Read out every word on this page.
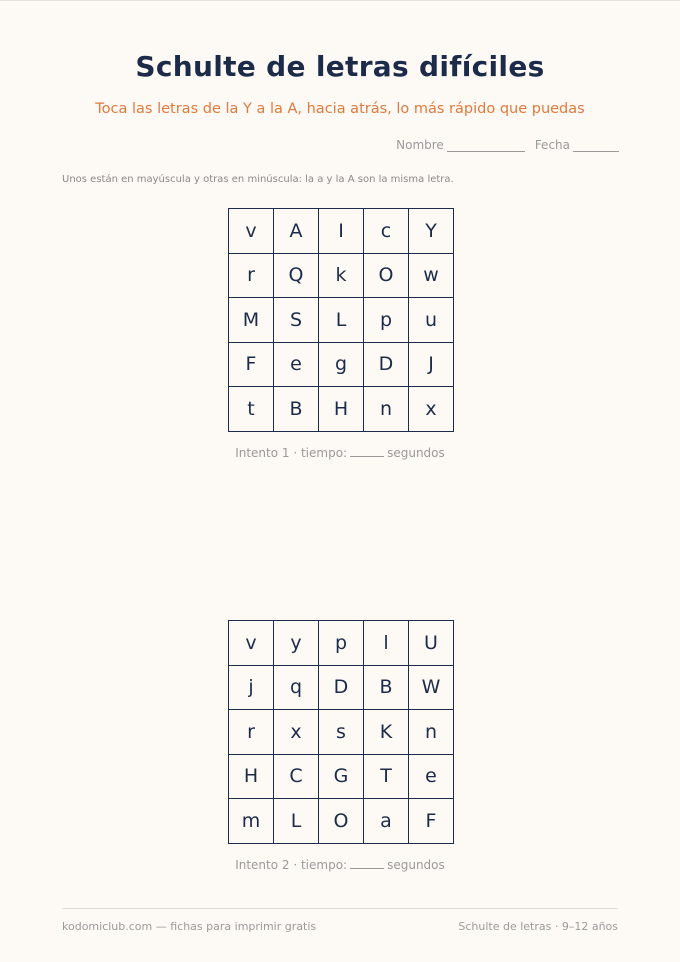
Schulte de letras difíciles
Toca las letras de la Y a la A, hacia atrás, lo más rápido que puedas
Nombre	Fecha
Unos están en mayúscula y otras en minúscula: la a y la A son la misma letra.
v	A	I	c	Y
r	Q	k	O	w
M	S	L	p	u
F	e	g	D	J
t	B	H	n	x
Intento 1 · tiempo:	segundos
v	y	p	l	U
j	q	D	B	W
r	x	s	K	n
H	C	G	T	e
m	L	O	a	F
Intento 2 · tiempo:	segundos
kodomiclub.com — fichas para imprimir gratis	Schulte de letras · 9–12 años
